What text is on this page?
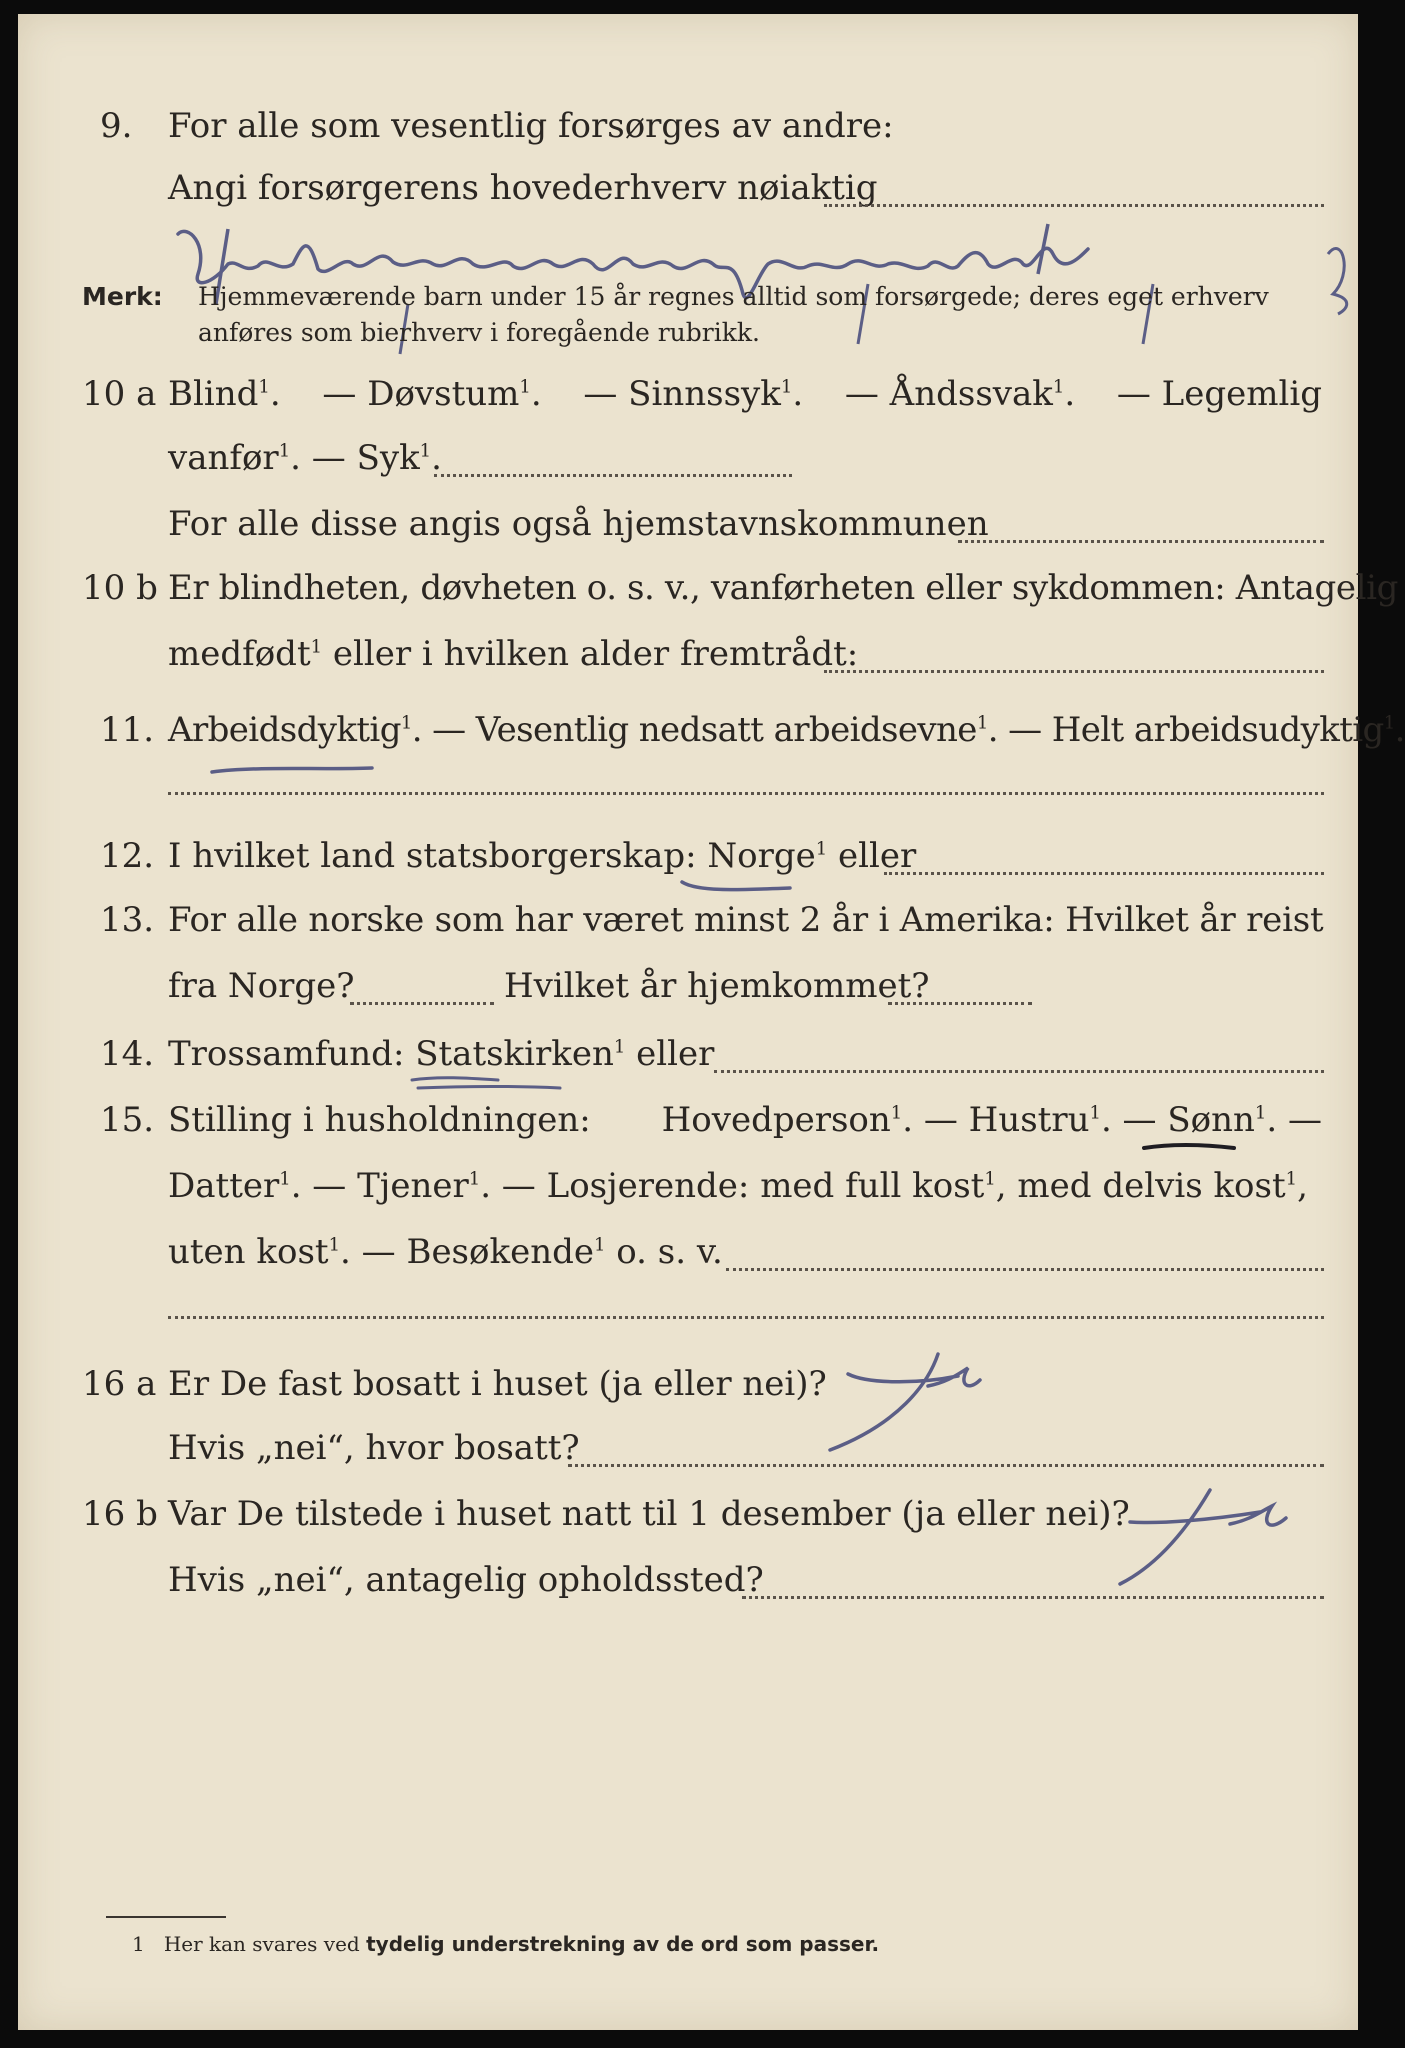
9. For alle som vesentlig forsørges av andre:
Angi forsørgerens hovederhverv nøiaktig
Landforeskningsinspektør
Merk: Hjemmeværende barn under 15 år regnes alltid som forsørgede; deres eget erhverv
anføres som bierhverv i foregående rubrikk.
10 a Blind$^1$. — Døvstum$^1$. — Sinnssyk$^1$. — Åndssvak$^1$. — Legemlig
vanfør$^1$. — Syk$^1$.
For alle disse angis også hjemstavnskommunen
10 b Er blindheten, døvheten o. s. v., vanførheten eller sykdommen: Antagelig
medfødt$^1$ eller i hvilken alder fremtrådt:
11. Arbeidsdyktig$^1$. — Vesentlig nedsatt arbeidsevne$^1$. — Helt arbeidsudyktig$^1$.
12. I hvilket land statsborgerskap: Norge$^1$ eller
13. For alle norske som har været minst 2 år i Amerika: Hvilket år reist
fra Norge?	Hvilket år hjemkommet?
14. Trossamfund: Statskirken$^1$ eller
15. Stilling i husholdningen: Hovedperson$^1$. — Hustru$^1$. — Sønn$^1$. —
Datter$^1$. — Tjener$^1$. — Losjerende: med full kost$^1$, med delvis kost$^1$,
uten kost$^1$. — Besøkende$^1$ o. s. v.
16 a Er De fast bosatt i huset (ja eller nei)?
Ja
Hvis „nei“, hvor bosatt?
16 b Var De tilstede i huset natt til 1 desember (ja eller nei)?
Ja
Hvis „nei“, antagelig opholdssted?
1 Her kan svares ved tydelig understrekning av de ord som passer.
